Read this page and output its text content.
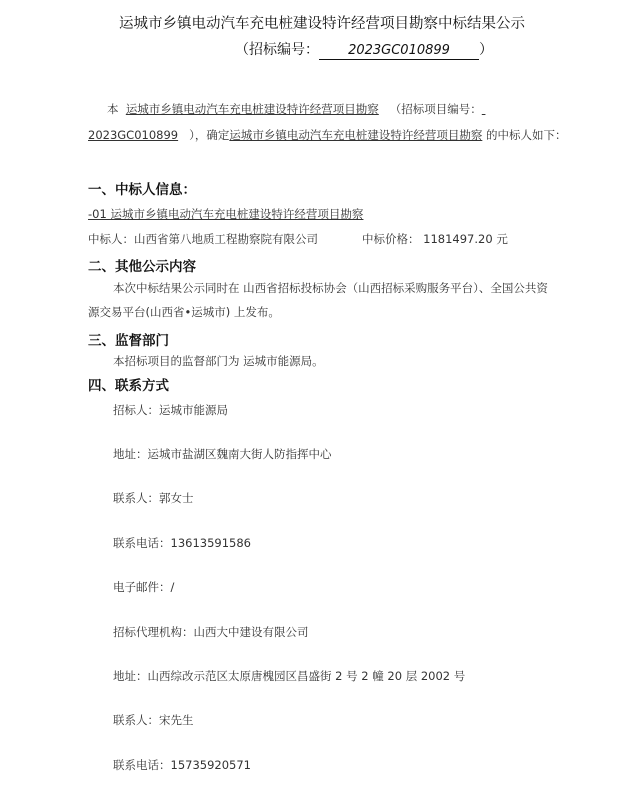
运城市乡镇电动汽车充电桩建设特许经营项目勘察中标结果公示
（招标编号： 2023GC010899 ）
本 运城市乡镇电动汽车充电桩建设特许经营项目勘察 （招标项目编号：
2023GC010899 ），确定运城市乡镇电动汽车充电桩建设特许经营项目勘察 的中标人如下：
一、中标人信息：
-01 运城市乡镇电动汽车充电桩建设特许经营项目勘察
中标人：山西省第八地质工程勘察院有限公司	中标价格： 1181497.20 元
二、其他公示内容
本次中标结果公示同时在 山西省招标投标协会（山西招标采购服务平台）、全国公共资
源交易平台(山西省•运城市) 上发布。
三、监督部门
本招标项目的监督部门为 运城市能源局。
四、联系方式
招标人：运城市能源局
地址：运城市盐湖区魏南大街人防指挥中心
联系人：郭女士
联系电话：13613591586
电子邮件：/
招标代理机构：山西大中建设有限公司
地址：山西综改示范区太原唐槐园区昌盛街 2 号 2 幢 20 层 2002 号
联系人：宋先生
联系电话：15735920571
